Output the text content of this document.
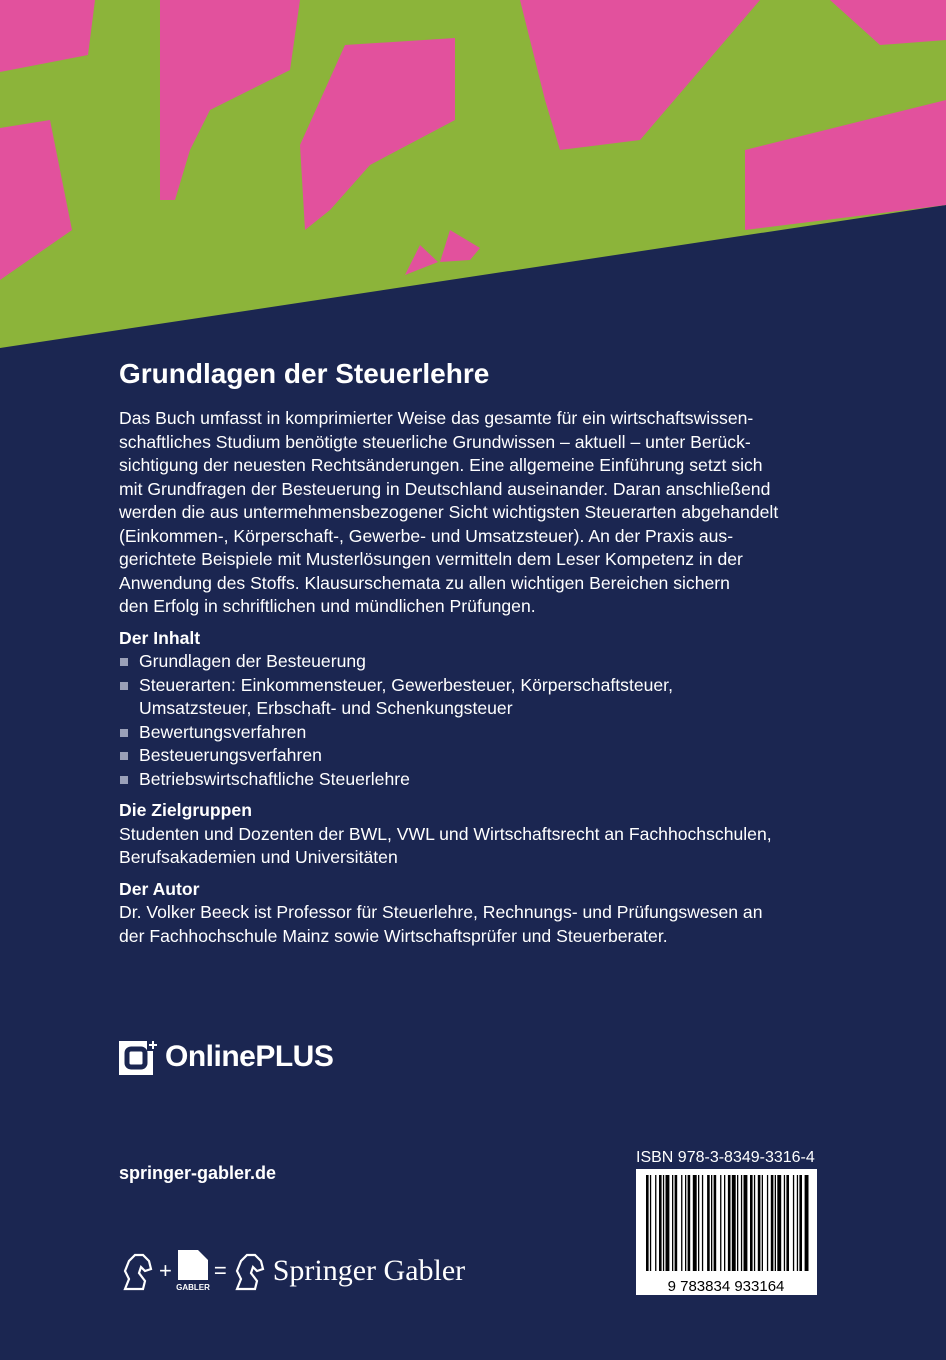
Grundlagen der Steuerlehre

Das Buch umfasst in komprimierter Weise das gesamte für ein wirtschaftswissen-
schaftliches Studium benötigte steuerliche Grundwissen – aktuell – unter Berück-
sichtigung der neuesten Rechtsänderungen. Eine allgemeine Einführung setzt sich
mit Grundfragen der Besteuerung in Deutschland auseinander. Daran anschließend
werden die aus untermehmensbezogener Sicht wichtigsten Steuerarten abgehandelt
(Einkommen-, Körperschaft-, Gewerbe- und Umsatzsteuer). An der Praxis aus-
gerichtete Beispiele mit Musterlösungen vermitteln dem Leser Kompetenz in der
Anwendung des Stoffs. Klausurschemata zu allen wichtigen Bereichen sichern
den Erfolg in schriftlichen und mündlichen Prüfungen.

Der Inhalt
Grundlagen der Besteuerung
Steuerarten: Einkommensteuer, Gewerbesteuer, Körperschaftsteuer,
Umsatzsteuer, Erbschaft- und Schenkungsteuer
Bewertungsverfahren
Besteuerungsverfahren
Betriebswirtschaftliche Steuerlehre
Die Zielgruppen

Studenten und Dozenten der BWL, VWL und Wirtschaftsrecht an Fachhochschulen,
Berufsakademien und Universitäten

Der Autor

Dr. Volker Beeck ist Professor für Steuerlehre, Rechnungs- und Prüfungswesen an
der Fachhochschule Mainz sowie Wirtschaftsprüfer und Steuerberater.

OnlinePLUS
springer-gabler.de
+
GABLER
= Springer Gabler
ISBN 978-3-8349-3316-4
9 783834 933164
